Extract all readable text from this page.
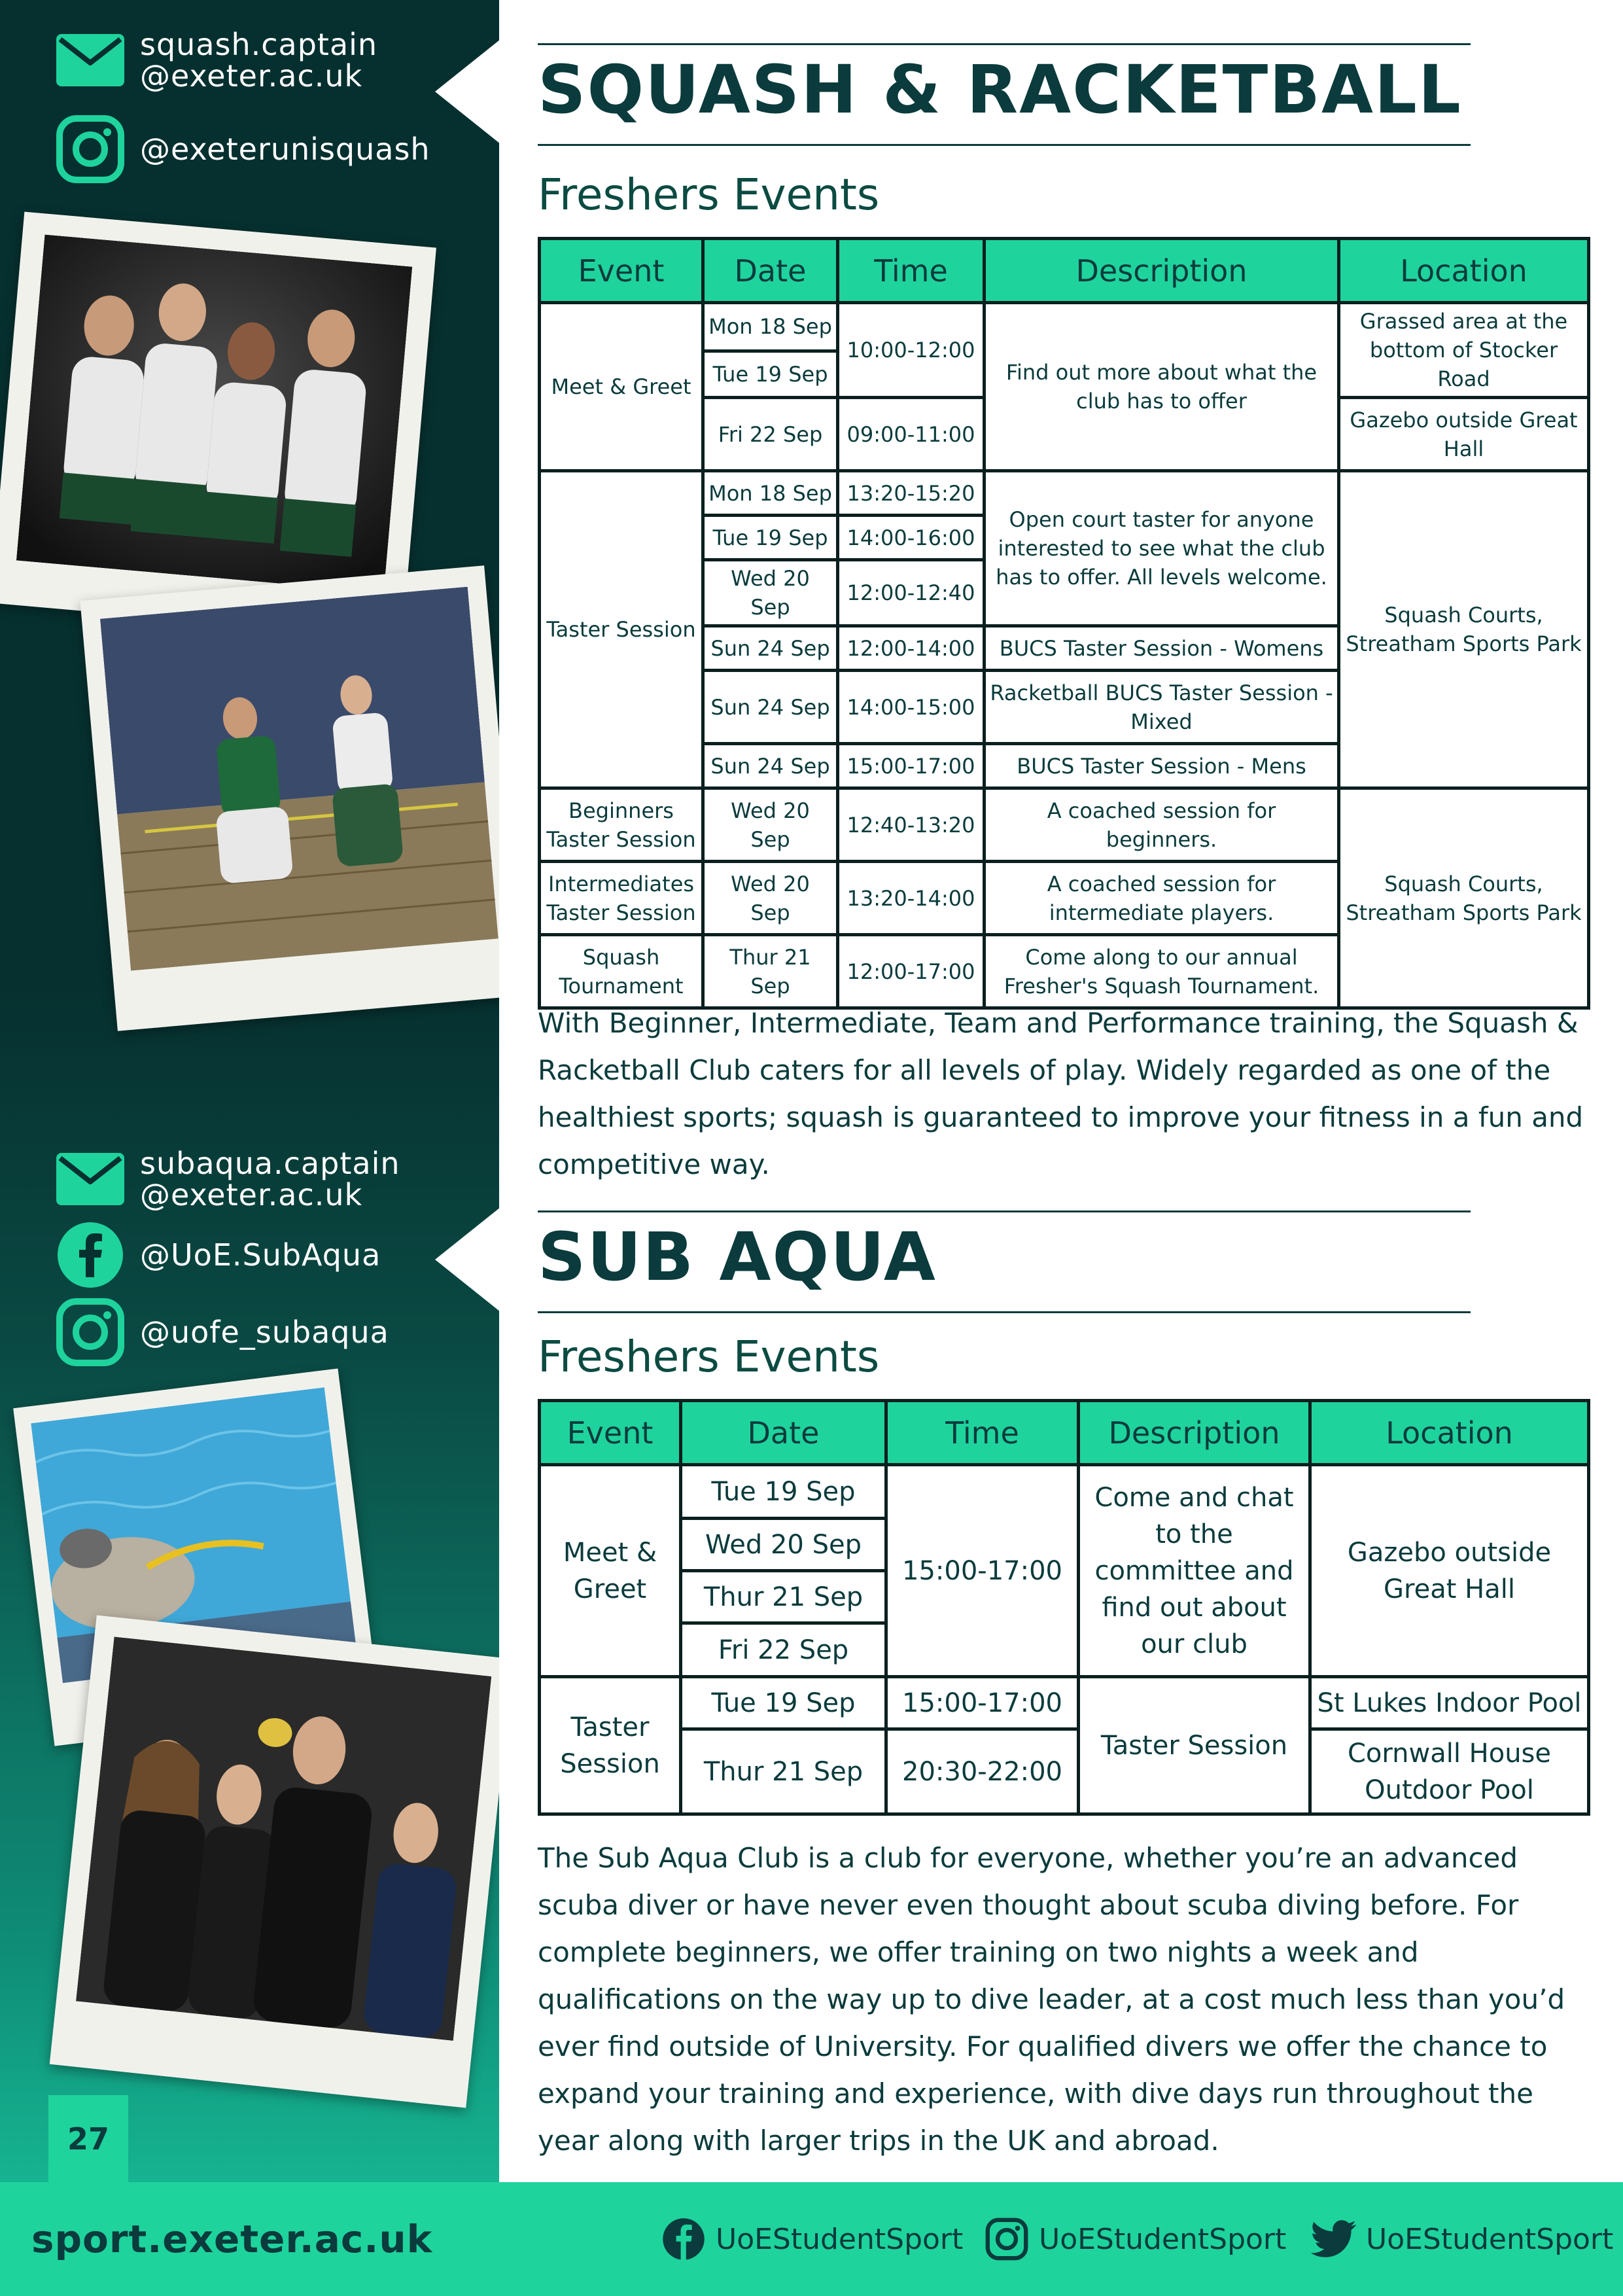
squash.captain
@exeter.ac.uk
@exeterunisquash
subaqua.captain
@exeter.ac.uk
@UoE.SubAqua
@uofe_subaqua
27
SQUASH & RACKETBALL
Freshers Events
Event	Date	Time	Description	Location
Meet & Greet	Mon 18 Sep	10:00-12:00	Find out more about what the club has to offer	Grassed area at the bottom of Stocker Road
	Tue 19 Sep			
	Fri 22 Sep	09:00-11:00		Gazebo outside Great Hall
Taster Session	Mon 18 Sep	13:20-15:20	Open court taster for anyone interested to see what the club has to offer. All levels welcome.	Squash Courts, Streatham Sports Park
	Tue 19 Sep	14:00-16:00		
	Wed 20 Sep	12:00-12:40		
	Sun 24 Sep	12:00-14:00	BUCS Taster Session - Womens	
	Sun 24 Sep	14:00-15:00	Racketball BUCS Taster Session - Mixed	
	Sun 24 Sep	15:00-17:00	BUCS Taster Session - Mens	
Beginners Taster Session	Wed 20 Sep	12:40-13:20	A coached session for beginners.	Squash Courts, Streatham Sports Park
Intermediates Taster Session	Wed 20 Sep	13:20-14:00	A coached session for intermediate players.	
Squash Tournament	Thur 21 Sep	12:00-17:00	Come along to our annual Fresher's Squash Tournament.	
With Beginner, Intermediate, Team and Performance training, the Squash & Racketball Club caters for all levels of play. Widely regarded as one of the healthiest sports; squash is guaranteed to improve your fitness in a fun and competitive way.
SUB AQUA
Freshers Events
Event	Date	Time	Description	Location
Meet & Greet	Tue 19 Sep	15:00-17:00	Come and chat to the committee and find out about our club	Gazebo outside Great Hall
	Wed 20 Sep			
	Thur 21 Sep			
	Fri 22 Sep			
Taster Session	Tue 19 Sep	15:00-17:00	Taster Session	St Lukes Indoor Pool
	Thur 21 Sep	20:30-22:00		Cornwall House Outdoor Pool
The Sub Aqua Club is a club for everyone, whether you’re an advanced scuba diver or have never even thought about scuba diving before. For complete beginners, we offer training on two nights a week and qualifications on the way up to dive leader, at a cost much less than you’d ever find outside of University. For qualified divers we offer the chance to expand your training and experience, with dive days run throughout the year along with larger trips in the UK and abroad.
sport.exeter.ac.uk	UoEStudentSport	UoEStudentSport	UoEStudentSport
